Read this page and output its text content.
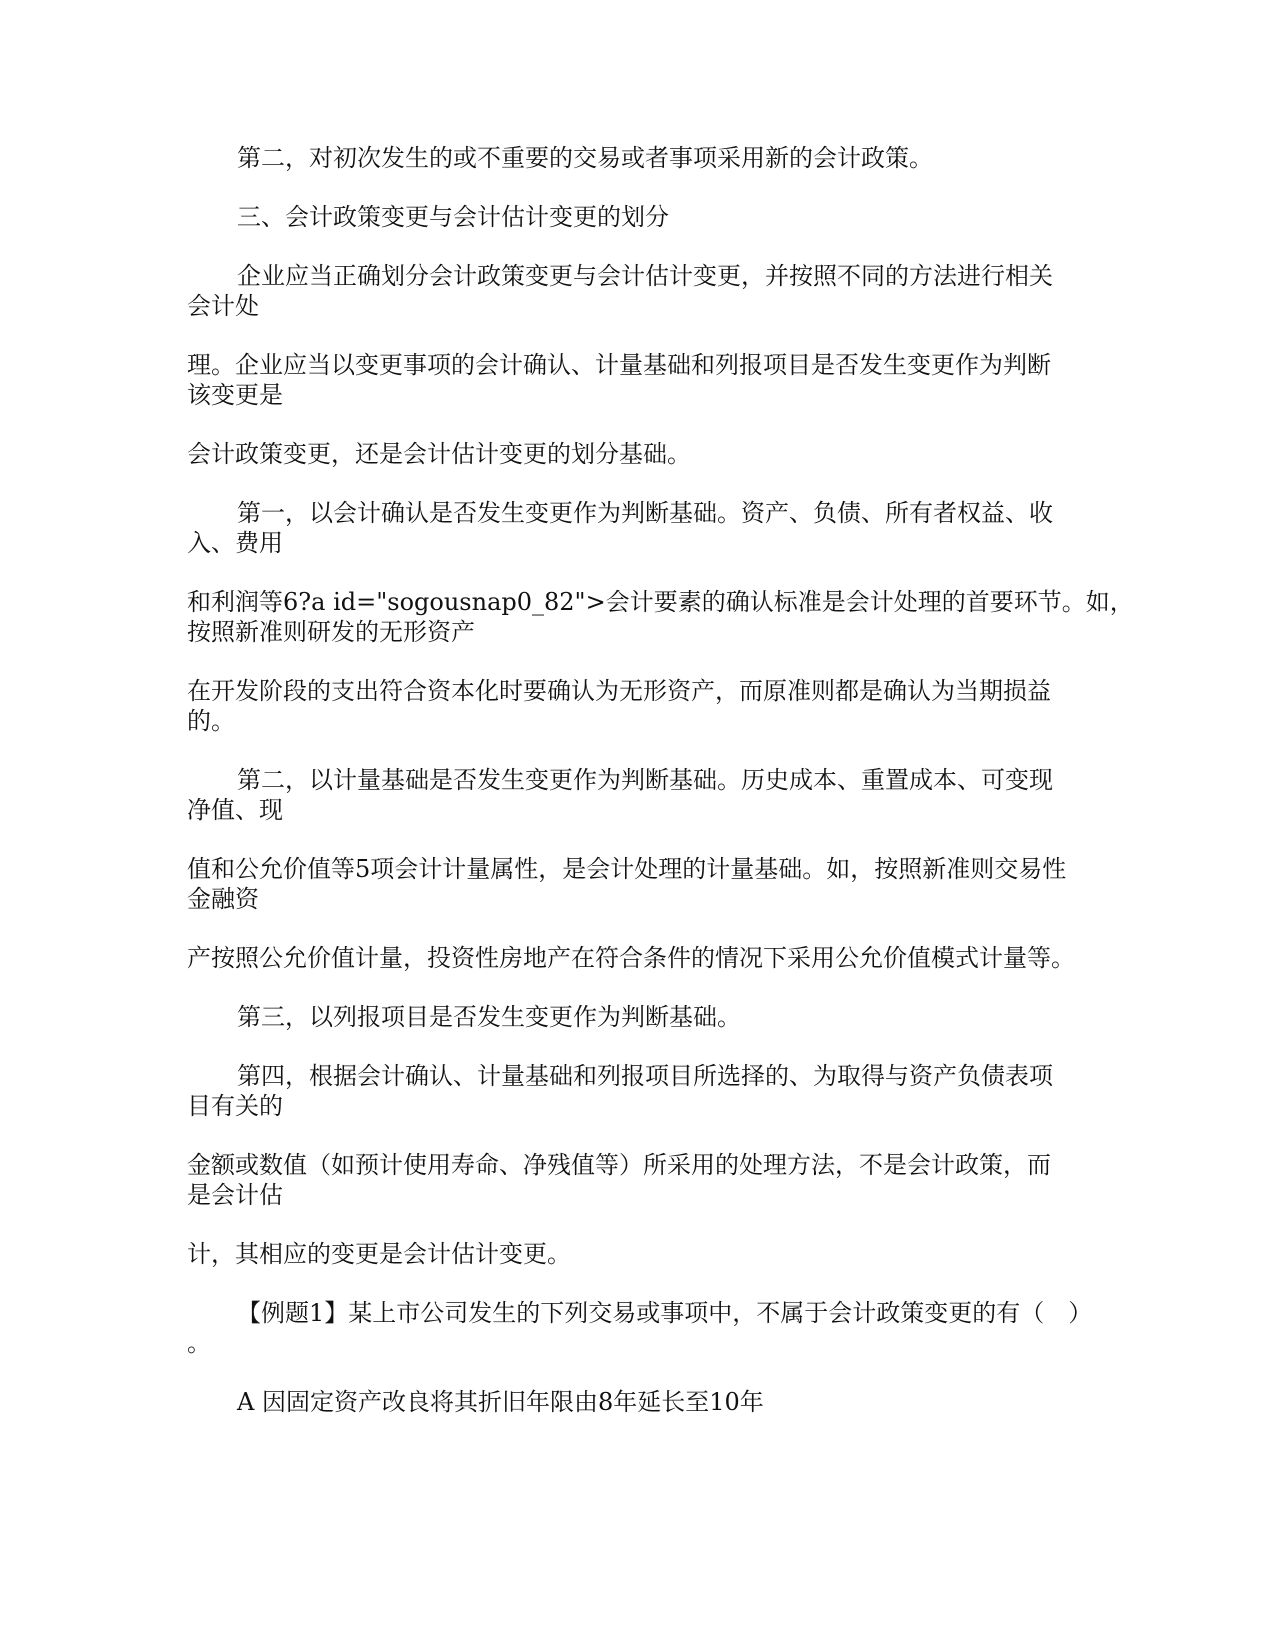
第二，对初次发生的或不重要的交易或者事项采用新的会计政策。
三、会计政策变更与会计估计变更的划分
企业应当正确划分会计政策变更与会计估计变更，并按照不同的方法进行相关
会计处
理。企业应当以变更事项的会计确认、计量基础和列报项目是否发生变更作为判断
该变更是
会计政策变更，还是会计估计变更的划分基础。
第一，以会计确认是否发生变更作为判断基础。资产、负债、所有者权益、收
入、费用
和利润等6?a id="sogousnap0_82">会计要素的确认标准是会计处理的首要环节。如，
按照新准则研发的无形资产
在开发阶段的支出符合资本化时要确认为无形资产，而原准则都是确认为当期损益
的。
第二，以计量基础是否发生变更作为判断基础。历史成本、重置成本、可变现
净值、现
值和公允价值等5项会计计量属性，是会计处理的计量基础。如，按照新准则交易性
金融资
产按照公允价值计量，投资性房地产在符合条件的情况下采用公允价值模式计量等。
第三，以列报项目是否发生变更作为判断基础。
第四，根据会计确认、计量基础和列报项目所选择的、为取得与资产负债表项
目有关的
金额或数值（如预计使用寿命、净残值等）所采用的处理方法，不是会计政策，而
是会计估
计，其相应的变更是会计估计变更。
【例题1】某上市公司发生的下列交易或事项中，不属于会计政策变更的有（　）
。
A 因固定资产改良将其折旧年限由8年延长至10年
